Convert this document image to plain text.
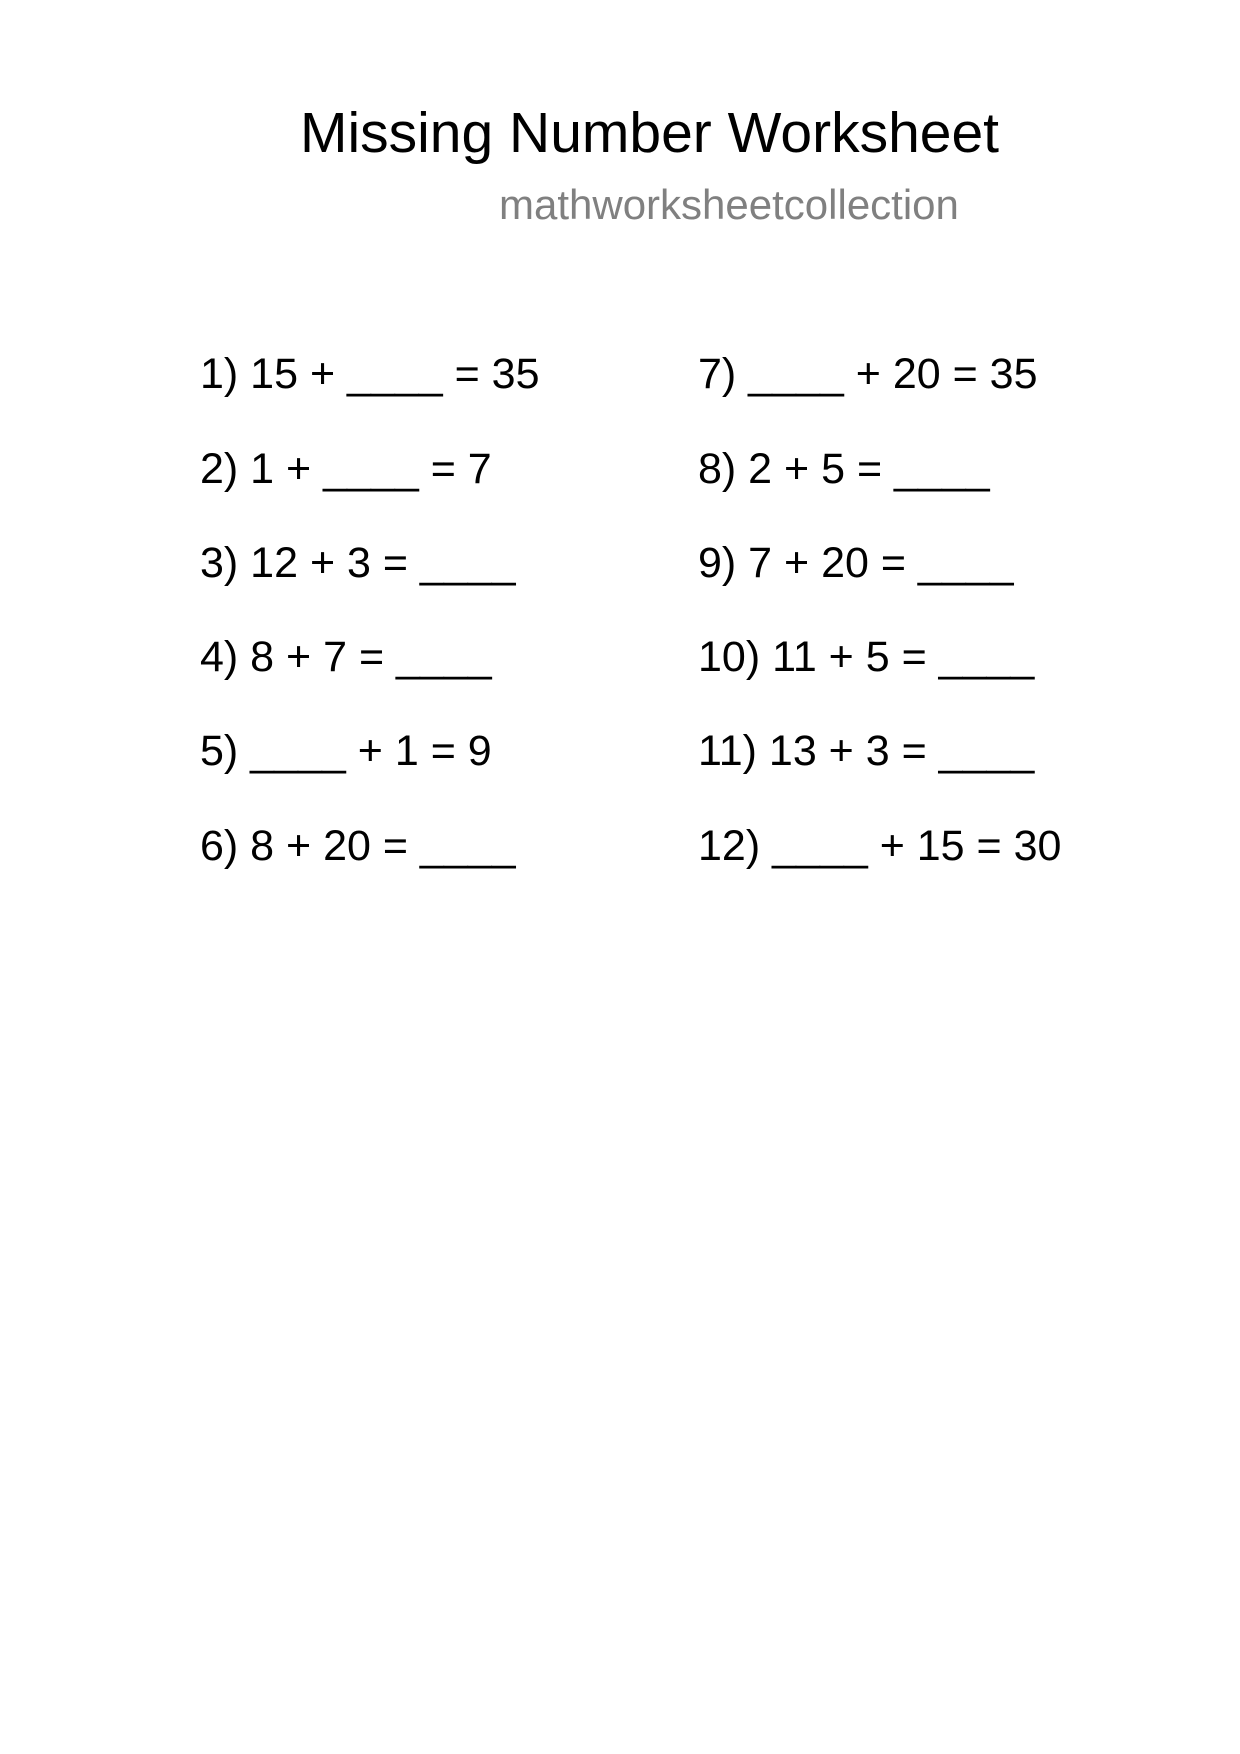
Missing Number Worksheet
mathworksheetcollection
1) 15 + ____ = 35
2) 1 + ____ = 7
3) 12 + 3 = ____
4) 8 + 7 = ____
5) ____ + 1 = 9
6) 8 + 20 = ____
7) ____ + 20 = 35
8) 2 + 5 = ____
9) 7 + 20 = ____
10) 11 + 5 = ____
11) 13 + 3 = ____
12) ____ + 15 = 30
